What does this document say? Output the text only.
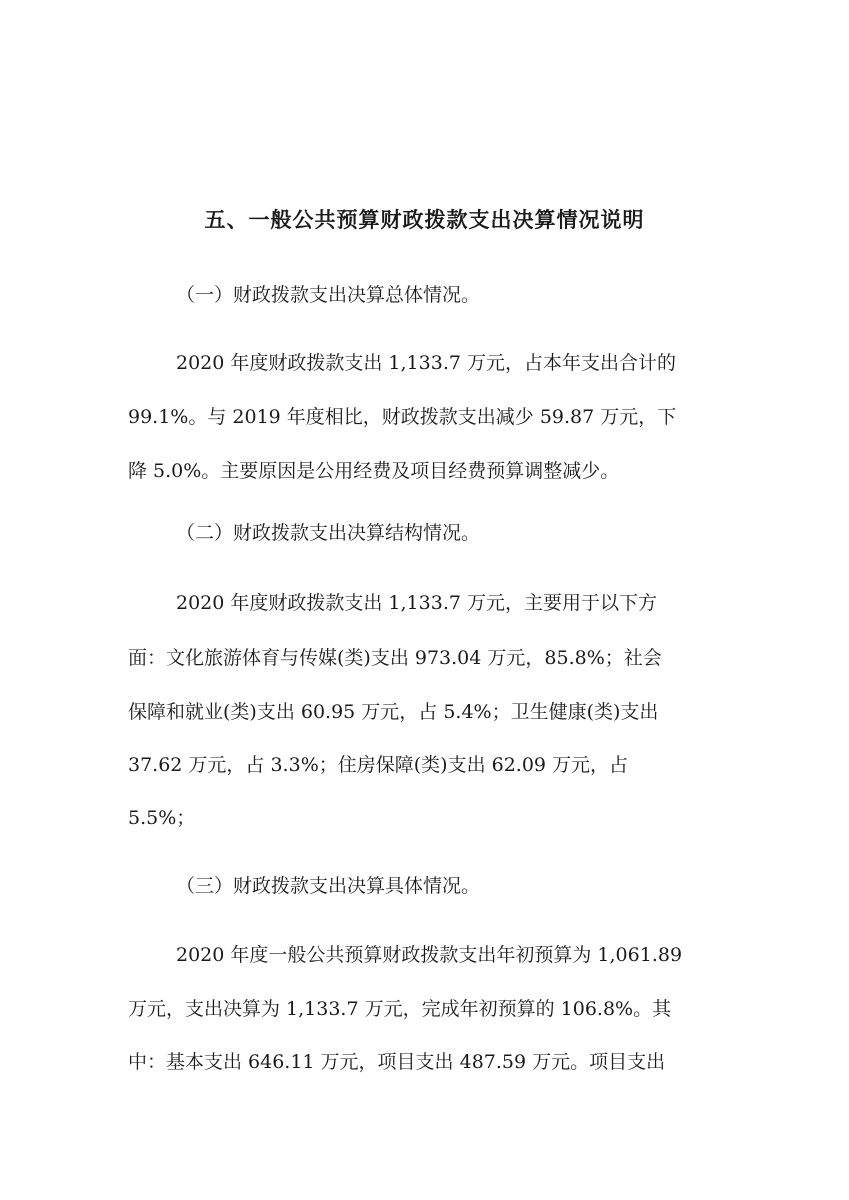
五、一般公共预算财政拨款支出决算情况说明
（一）财政拨款支出决算总体情况。
2020 年度财政拨款支出 1,133.7 万元，占本年支出合计的
99.1%。与 2019 年度相比，财政拨款支出减少 59.87 万元，下
降 5.0%。主要原因是公用经费及项目经费预算调整减少。
（二）财政拨款支出决算结构情况。
2020 年度财政拨款支出 1,133.7 万元，主要用于以下方
面：文化旅游体育与传媒(类)支出 973.04 万元，85.8%；社会
保障和就业(类)支出 60.95 万元，占 5.4%；卫生健康(类)支出
37.62 万元，占 3.3%；住房保障(类)支出 62.09 万元，占
5.5%；
（三）财政拨款支出决算具体情况。
2020 年度一般公共预算财政拨款支出年初预算为 1,061.89
万元，支出决算为 1,133.7 万元，完成年初预算的 106.8%。其
中：基本支出 646.11 万元，项目支出 487.59 万元。项目支出
